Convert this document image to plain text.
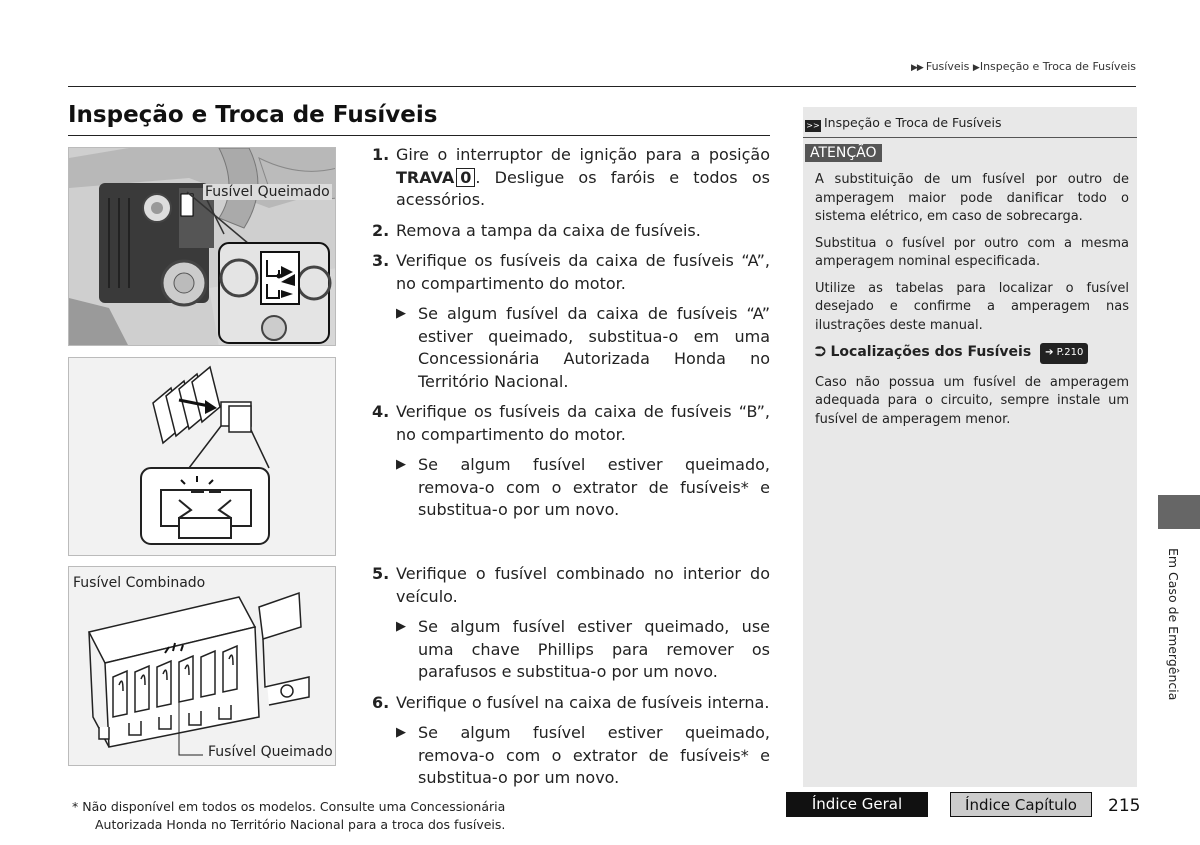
▶▶ Fusíveis ▶Inspeção e Troca de Fusíveis
Inspeção e Troca de Fusíveis
Fusível Queimado
Fusível Combinado
Fusível Queimado
1. Gire o interruptor de ignição para a posição TRAVA 0 . Desligue os faróis e todos os acessórios.
2. Remova a tampa da caixa de fusíveis.
3. Verifique os fusíveis da caixa de fusíveis “A”, no compartimento do motor.
▶ Se algum fusível da caixa de fusíveis “A” estiver queimado, substitua-o em uma Concessionária Autorizada Honda no Território Nacional.
4. Verifique os fusíveis da caixa de fusíveis “B”, no compartimento do motor.
▶ Se algum fusível estiver queimado, remova-o com o extrator de fusíveis* e substitua-o por um novo.
5. Verifique o fusível combinado no interior do veículo.
▶ Se algum fusível estiver queimado, use uma chave Phillips para remover os parafusos e substitua-o por um novo.
6. Verifique o fusível na caixa de fusíveis interna.
▶ Se algum fusível estiver queimado, remova-o com o extrator de fusíveis* e substitua-o por um novo.
>> Inspeção e Troca de Fusíveis
ATENÇÃO

A substituição de um fusível por outro de amperagem maior pode danificar todo o sistema elétrico, em caso de sobrecarga.

Substitua o fusível por outro com a mesma amperagem nominal especificada.

Utilize as tabelas para localizar o fusível desejado e confirme a amperagem nas ilustrações deste manual.

⮊ Localizações dos Fusíveis ➔ P.210

Caso não possua um fusível de amperagem adequada para o circuito, sempre instale um fusível de amperagem menor.

Em Caso de Emergência
* Não disponível em todos os modelos. Consulte uma Concessionária
Autorizada Honda no Território Nacional para a troca dos fusíveis.
Índice Geral	Índice Capítulo	215
